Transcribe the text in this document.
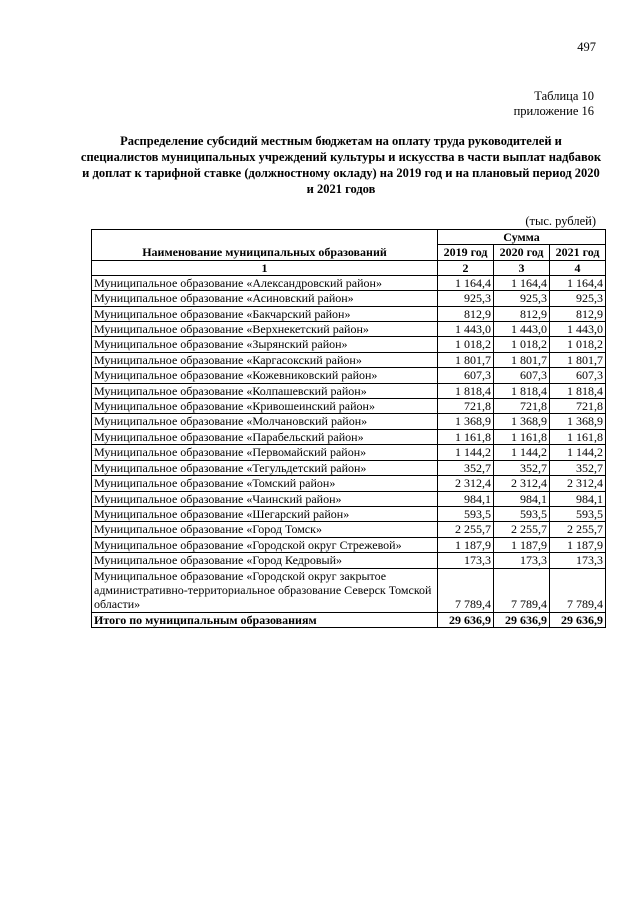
497
Таблица 10
приложение 16
Распределение субсидий местным бюджетам на оплату труда руководителей и специалистов муниципальных учреждений культуры и искусства в части выплат надбавок и доплат к тарифной ставке (должностному окладу) на 2019 год и на плановый период 2020 и 2021 годов
(тыс. рублей)
Наименование муниципальных образований	Сумма		
	2019 год	2020 год	2021 год
1	2	3	4
Муниципальное образование «Александровский район»	1 164,4	1 164,4	1 164,4
Муниципальное образование «Асиновский район»	925,3	925,3	925,3
Муниципальное образование «Бакчарский район»	812,9	812,9	812,9
Муниципальное образование «Верхнекетский район»	1 443,0	1 443,0	1 443,0
Муниципальное образование «Зырянский район»	1 018,2	1 018,2	1 018,2
Муниципальное образование «Каргасокский район»	1 801,7	1 801,7	1 801,7
Муниципальное образование «Кожевниковский район»	607,3	607,3	607,3
Муниципальное образование «Колпашевский район»	1 818,4	1 818,4	1 818,4
Муниципальное образование «Кривошеинский район»	721,8	721,8	721,8
Муниципальное образование «Молчановский район»	1 368,9	1 368,9	1 368,9
Муниципальное образование «Парабельский район»	1 161,8	1 161,8	1 161,8
Муниципальное образование «Первомайский район»	1 144,2	1 144,2	1 144,2
Муниципальное образование «Тегульдетский район»	352,7	352,7	352,7
Муниципальное образование «Томский район»	2 312,4	2 312,4	2 312,4
Муниципальное образование «Чаинский район»	984,1	984,1	984,1
Муниципальное образование «Шегарский район»	593,5	593,5	593,5
Муниципальное образование «Город Томск»	2 255,7	2 255,7	2 255,7
Муниципальное образование «Городской округ Стрежевой»	1 187,9	1 187,9	1 187,9
Муниципальное образование «Город Кедровый»	173,3	173,3	173,3
Муниципальное образование «Городской округ закрытое административно-территориальное образование Северск Томской области»	7 789,4	7 789,4	7 789,4
Итого по муниципальным образованиям	29 636,9	29 636,9	29 636,9
